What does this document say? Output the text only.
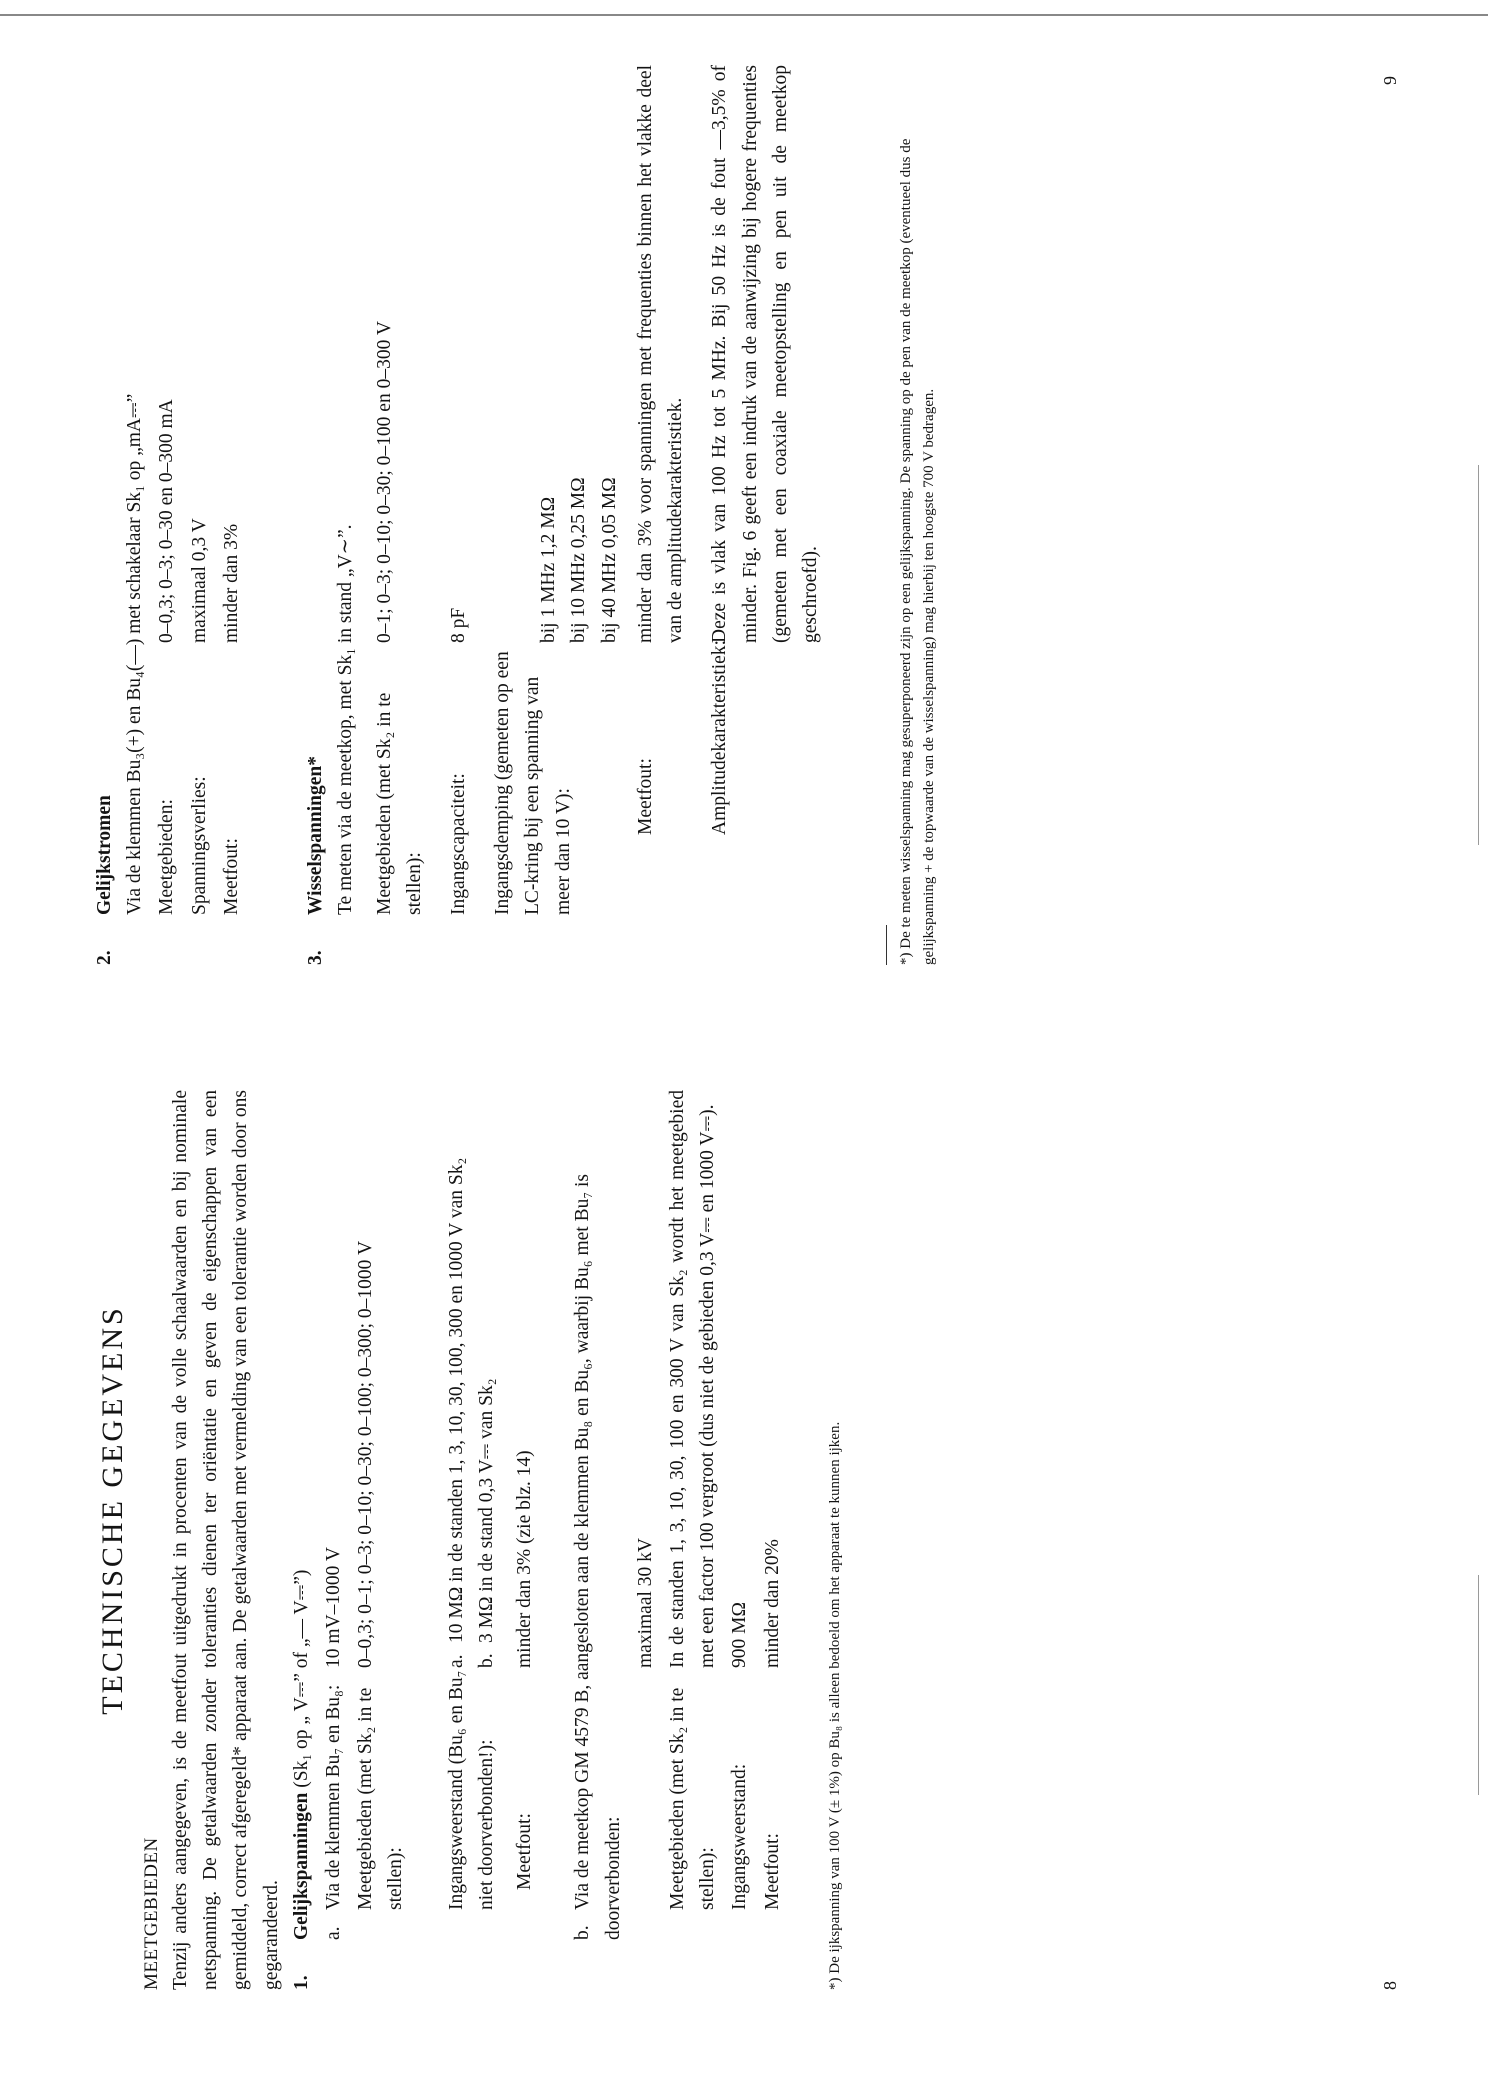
TECHNISCHE GEGEVENS

MEETGEBIEDEN Tenzij anders aangegeven, is de meetfout uitgedrukt in procenten van de volle schaalwaarden en bij nominale netspanning. De getalwaarden zonder toleranties dienen ter oriëntatie en geven de eigenschappen van een gemiddeld, correct afgeregeld* apparaat aan. De getalwaarden met vermelding van een tolerantie worden door ons gegarandeerd. 1.Gelijkspanningen (Sk₁ op „ V⎓” of „— V⎓”)

a.Via de klemmen Bu₇ en Bu₈:
10 mV–1000 V
Meetgebieden (met Sk₂ in te stellen):
0–0,3; 0–1; 0–3; 0–10; 0–30; 0–100; 0–300; 0–1000 V
Ingangsweerstand (Bu₆ en Bu₇ niet doorverbonden!):
a.
10 MΩ in de standen 1, 3, 10, 30, 100, 300 en 1000 V van Sk₂
b.
3 MΩ in de stand 0,3 V⎓ van Sk₂
Meetfout:
minder dan 3% (zie blz. 14)

b.Via de meetkop GM 4579 B, aangesloten aan de klemmen Bu₈ en Bu₆, waarbij Bu₆ met Bu₇ is doorverbonden:

maximaal 30 kV
Meetgebieden (met Sk₂ in te stellen):
In de standen 1, 3, 10, 30, 100 en 300 V van Sk₂ wordt het meetgebied met een factor 100 vergroot (dus niet de gebieden 0,3 V⎓ en 1000 V⎓).
Ingangsweerstand:
900 MΩ
Meetfout:
minder dan 20%	*) De ijkspanning van 100 V (± 1%) op Bu₈ is alleen bedoeld om het apparaat te kunnen ijken.	8

2.Gelijkstromen Via de klemmen Bu₃(+) en Bu₄(—) met schakelaar Sk₁ op „mA⎓” Meetgebieden:
0–0,3; 0–3; 0–30 en 0–300 mA
Spanningsverlies:
maximaal 0,3 V
Meetfout:
minder dan 3%

3.Wisselspanningen* Te meten via de meetkop, met Sk₁ in stand „V∼”. Meetgebieden (met Sk₂ in te stellen):
0–1; 0–3; 0–10; 0–30; 0–100 en 0–300 V
Ingangscapaciteit:
8 pF
Ingangsdemping (gemeten op een LC-kring bij een spanning van meer dan 10 V):
bij 1 MHz 1,2 MΩ bij 10 MHz 0,25 MΩ bij 40 MHz 0,05 MΩ
Meetfout:
minder dan 3% voor spanningen met frequenties binnen het vlakke deel van de amplitudekarakteristiek.
Amplitudekarakteristiek:
Deze is vlak van 100 Hz tot 5 MHz. Bij 50 Hz is de fout —3,5% of minder. Fig. 6 geeft een indruk van de aanwijzing bij hogere frequenties (gemeten met een coaxiale meetopstelling en pen uit de meetkop geschroefd).	*) De te meten wisselspanning mag gesuperponeerd zijn op een gelijkspanning. De spanning op de pen van de meetkop (eventueel dus de gelijkspanning + de topwaarde van de wisselspanning) mag hierbij ten hoogste 700 V bedragen.

9
